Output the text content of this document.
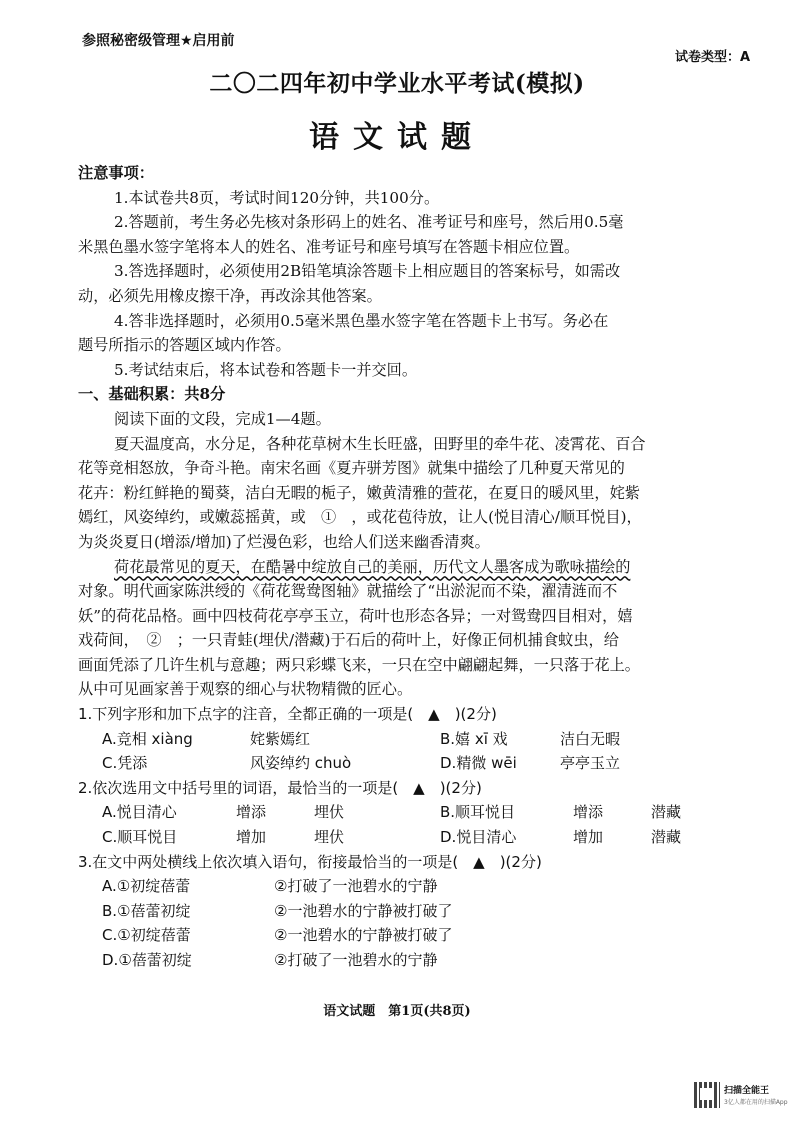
参照秘密级管理★启用前
试卷类型：A
二〇二四年初中学业水平考试(模拟)
语文试题
注意事项：
1.本试卷共8页，考试时间120分钟，共100分。
2.答题前，考生务必先核对条形码上的姓名、准考证号和座号，然后用0.5毫
米黑色墨水签字笔将本人的姓名、准考证号和座号填写在答题卡相应位置。
3.答选择题时，必须使用2B铅笔填涂答题卡上相应题目的答案标号，如需改
动，必须先用橡皮擦干净，再改涂其他答案。
4.答非选择题时，必须用0.5毫米黑色墨水签字笔在答题卡上书写。务必在
题号所指示的答题区域内作答。
5.考试结束后，将本试卷和答题卡一并交回。
一、基础积累：共8分
阅读下面的文段，完成1—4题。
夏天温度高，水分足，各种花草树木生长旺盛，田野里的牵牛花、凌霄花、百合
花等竞相怒放，争奇斗艳。南宋名画《夏卉骈芳图》就集中描绘了几种夏天常见的
花卉：粉红鲜艳的蜀葵，洁白无暇的栀子，嫩黄清雅的萱花，在夏日的暖风里，姹紫
嫣红，风姿绰约，或嫩蕊摇黄，或　①　，或花苞待放，让人(悦目清心/顺耳悦目)，
为炎炎夏日(增添/增加)了烂漫色彩，也给人们送来幽香清爽。
荷花最常见的夏天，在酷暑中绽放自己的美丽，历代文人墨客成为歌咏描绘的
对象。明代画家陈洪绶的《荷花鸳鸯图轴》就描绘了“出淤泥而不染，濯清涟而不
妖”的荷花品格。画中四枝荷花亭亭玉立，荷叶也形态各异；一对鸳鸯四目相对，嬉
戏荷间，　②　；一只青蛙(埋伏/潜藏)于石后的荷叶上，好像正伺机捕食蚊虫，给
画面凭添了几许生机与意趣；两只彩蝶飞来，一只在空中翩翩起舞，一只落于花上。
从中可见画家善于观察的细心与状物精微的匠心。
1.下列字形和加下点字的注音，全都正确的一项是(　▲　)(2分)
A.竞相 xiàng	姹紫嫣红	B.嬉 xī 戏	洁白无暇
C.凭添	风姿绰约 chuò	D.精微 wēi	亭亭玉立
2.依次选用文中括号里的词语，最恰当的一项是(　▲　)(2分)
A.悦目清心	增添	埋伏	B.顺耳悦目	增添	潜藏
C.顺耳悦目	增加	埋伏	D.悦目清心	增加	潜藏
3.在文中两处横线上依次填入语句，衔接最恰当的一项是(　▲　)(2分)
A.①初绽蓓蕾	②打破了一池碧水的宁静
B.①蓓蕾初绽	②一池碧水的宁静被打破了
C.①初绽蓓蕾	②一池碧水的宁静被打破了
D.①蓓蕾初绽	②打破了一池碧水的宁静
语文试题　第1页(共8页)
扫描全能王
3亿人都在用的扫描App
